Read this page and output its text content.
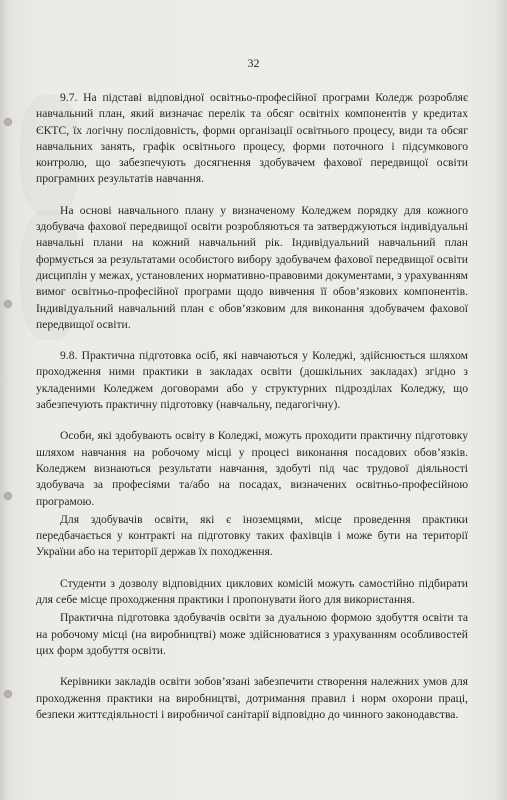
32

9.7. На підставі відповідної освітньо-професійної програми Коледж розробляє навчальний план, який визначає перелік та обсяг освітніх компонентів у кредитах ЄКТС, їх логічну послідовність, форми організації освітнього процесу, види та обсяг навчальних занять, графік освітнього процесу, форми поточного і підсумкового контролю, що забезпечують досягнення здобувачем фахової передвищої освіти програмних результатів навчання.

На основі навчального плану у визначеному Коледжем порядку для кожного здобувача фахової передвищої освіти розробляються та затверджуються індивідуальні навчальні плани на кожний навчальний рік. Індивідуальний навчальний план формується за результатами особистого вибору здобувачем фахової передвищої освіти дисциплін у межах, установлених нормативно-правовими документами, з урахуванням вимог освітньо-професійної програми щодо вивчення її обов’язкових компонентів. Індивідуальний навчальний план є обов’язковим для виконання здобувачем фахової передвищої освіти.

9.8. Практична підготовка осіб, які навчаються у Коледжі, здійснюється шляхом проходження ними практики в закладах освіти (дошкільних закладах) згідно з укладеними Коледжем договорами або у структурних підрозділах Коледжу, що забезпечують практичну підготовку (навчальну, педагогічну).

Особи, які здобувають освіту в Коледжі, можуть проходити практичну підготовку шляхом навчання на робочому місці у процесі виконання посадових обов’язків. Коледжем визнаються результати навчання, здобуті під час трудової діяльності здобувача за професіями та/або на посадах, визначених освітньо-професійною програмою.

Для здобувачів освіти, які є іноземцями, місце проведення практики передбачається у контракті на підготовку таких фахівців і може бути на території України або на території держав їх походження.

Студенти з дозволу відповідних циклових комісій можуть самостійно підбирати для себе місце проходження практики і пропонувати його для використання.

Практична підготовка здобувачів освіти за дуальною формою здобуття освіти та на робочому місці (на виробництві) може здійснюватися з урахуванням особливостей цих форм здобуття освіти.

Керівники закладів освіти зобов’язані забезпечити створення належних умов для проходження практики на виробництві, дотримання правил і норм охорони праці, безпеки життєдіяльності і виробничої санітарії відповідно до чинного законодавства.
